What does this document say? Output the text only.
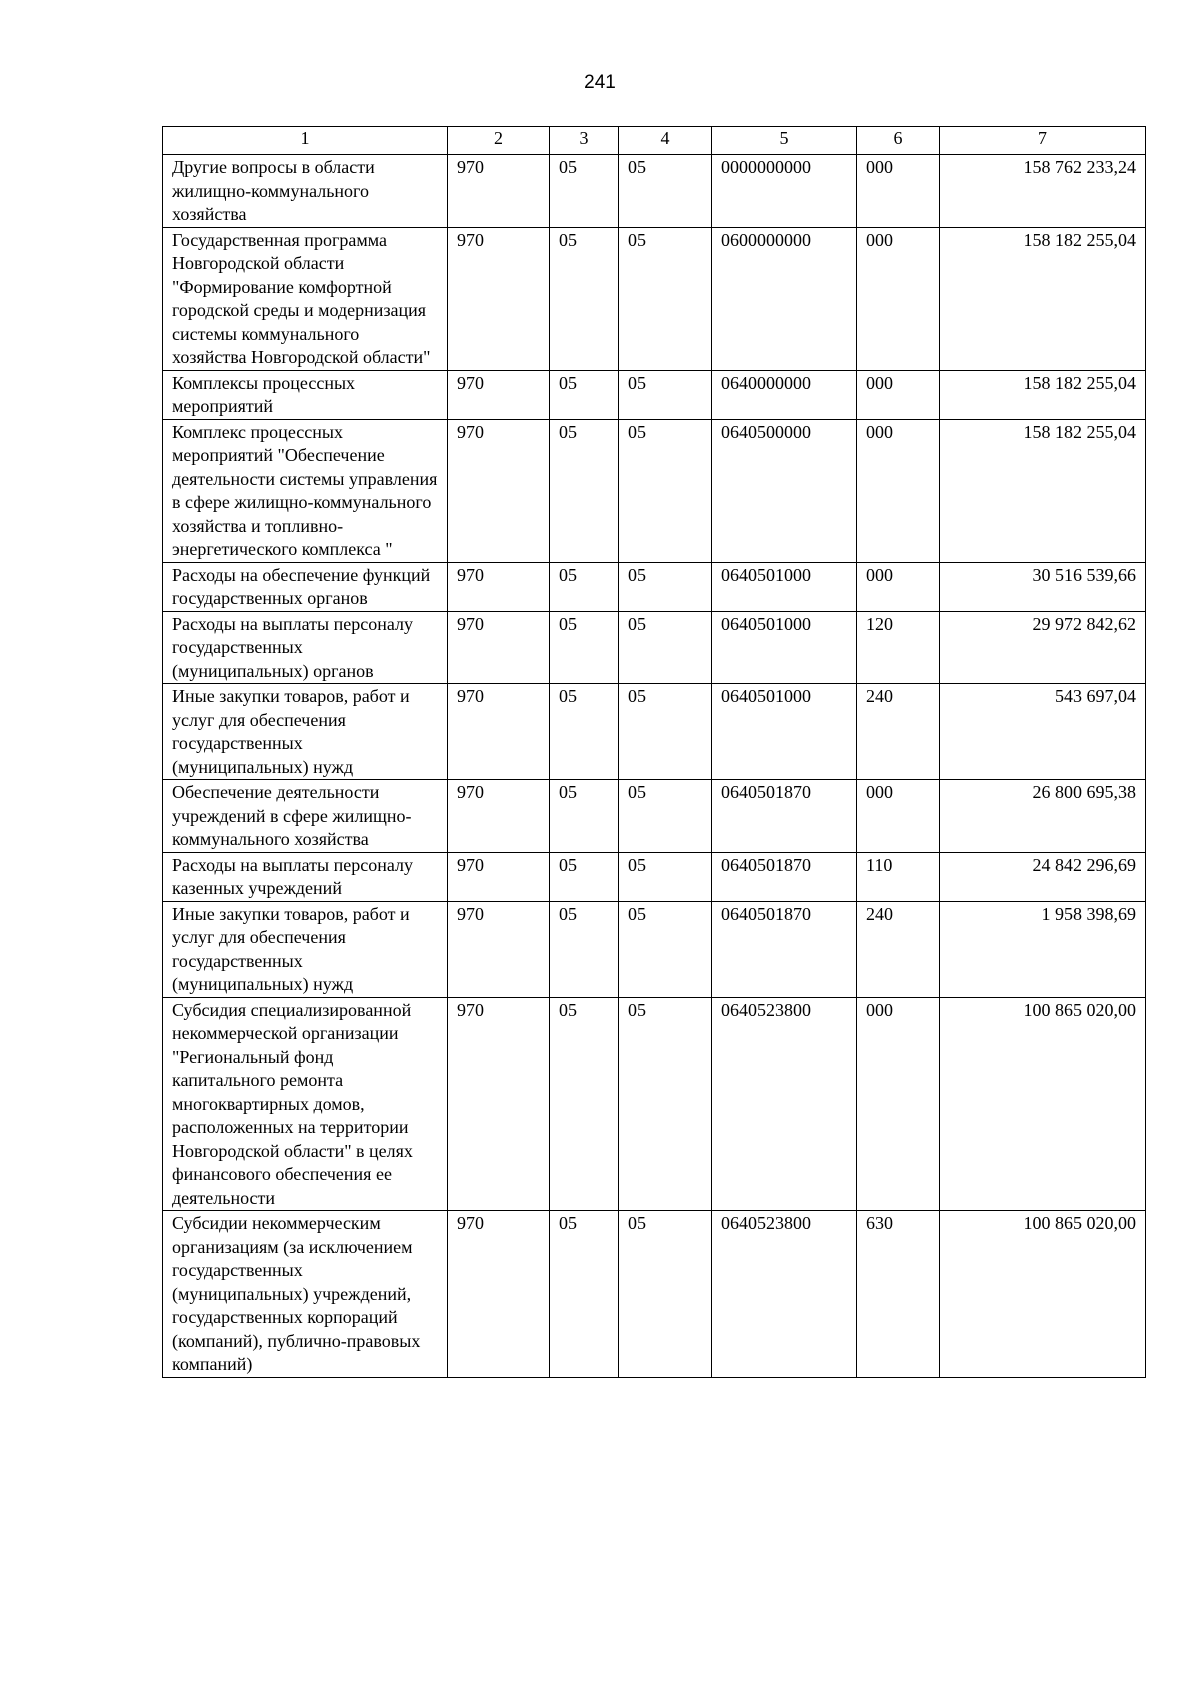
241
1	2	3	4	5	6	7
Другие вопросы в области жилищно-коммунального хозяйства	970	05	05	0000000000	000	158 762 233,24
Государственная программа Новгородской области "Формирование комфортной городской среды и модернизация системы коммунального хозяйства Новгородской области"	970	05	05	0600000000	000	158 182 255,04
Комплексы процессных мероприятий	970	05	05	0640000000	000	158 182 255,04
Комплекс процессных мероприятий "Обеспечение деятельности системы управления в сфере жилищно-коммунального хозяйства и топливно-энергетического комплекса "	970	05	05	0640500000	000	158 182 255,04
Расходы на обеспечение функций государственных органов	970	05	05	0640501000	000	30 516 539,66
Расходы на выплаты персоналу государственных (муниципальных) органов	970	05	05	0640501000	120	29 972 842,62
Иные закупки товаров, работ и услуг для обеспечения государственных (муниципальных) нужд	970	05	05	0640501000	240	543 697,04
Обеспечение деятельности учреждений в сфере жилищно-коммунального хозяйства	970	05	05	0640501870	000	26 800 695,38
Расходы на выплаты персоналу казенных учреждений	970	05	05	0640501870	110	24 842 296,69
Иные закупки товаров, работ и услуг для обеспечения государственных (муниципальных) нужд	970	05	05	0640501870	240	1 958 398,69
Субсидия специализированной некоммерческой организации "Региональный фонд капитального ремонта многоквартирных домов, расположенных на территории Новгородской области" в целях финансового обеспечения ее деятельности	970	05	05	0640523800	000	100 865 020,00
Субсидии некоммерческим организациям (за исключением государственных (муниципальных) учреждений, государственных корпораций (компаний), публично-правовых компаний)	970	05	05	0640523800	630	100 865 020,00
